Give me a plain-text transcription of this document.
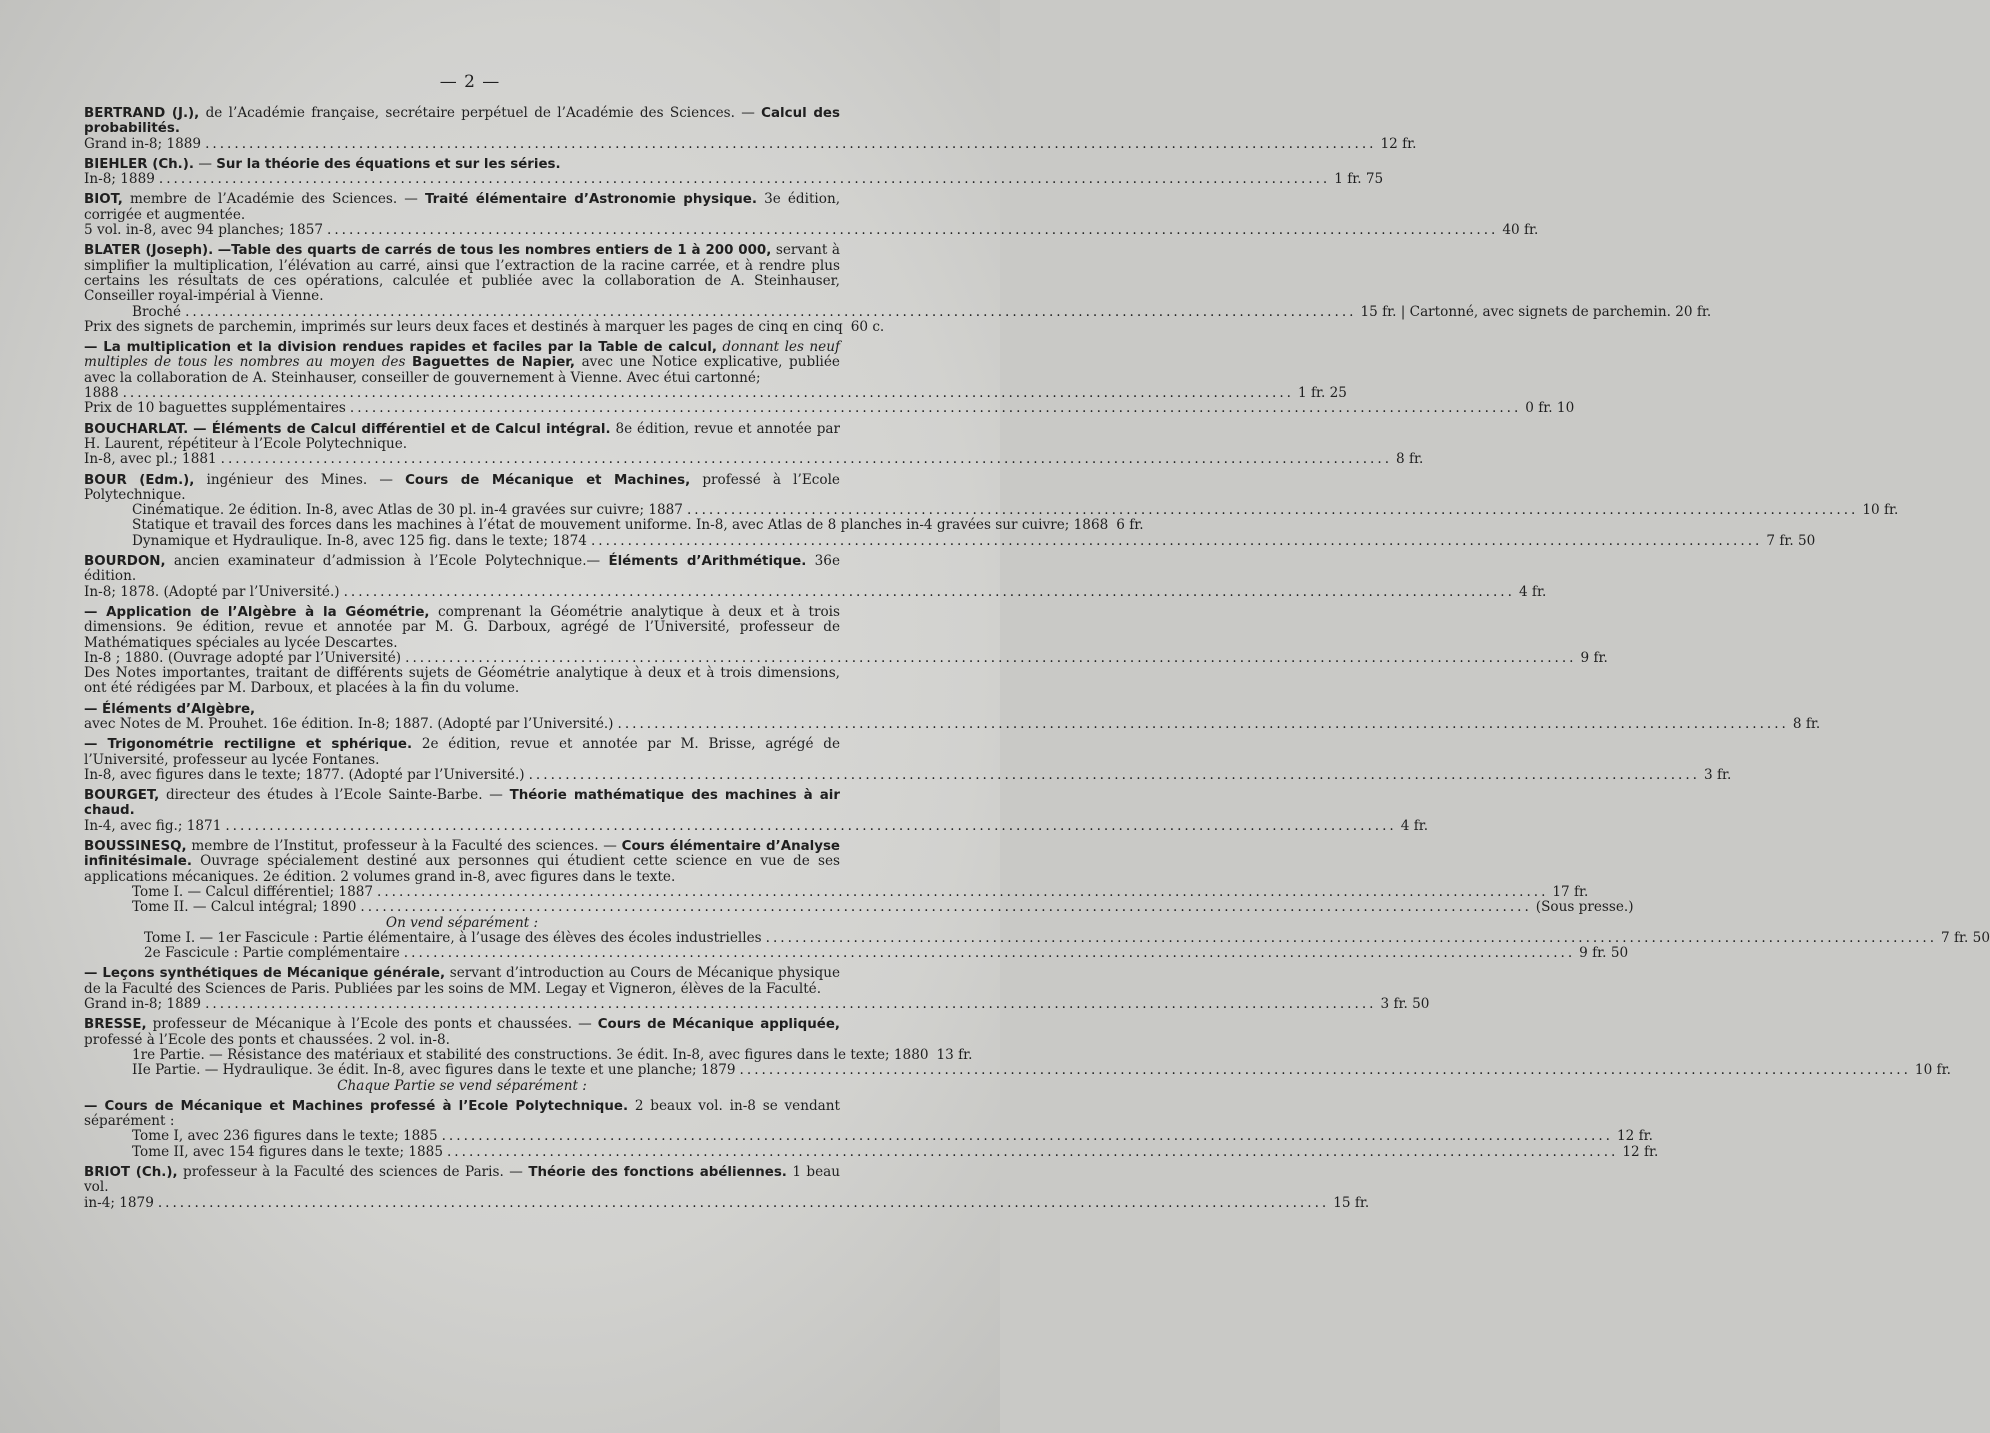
— 2 —

BERTRAND (J.), de l’Académie française, secrétaire perpétuel de l’Académie des Sciences. — Calcul des probabilités.

Grand in-8; 1889 .....	12 fr.

BIEHLER (Ch.). — Sur la théorie des équations et sur les séries.

In-8; 1889 .....	1 fr. 75

BIOT, membre de l’Académie des Sciences. — Traité élémentaire d’Astronomie physique. 3e édition, corrigée et augmentée.

5 vol. in-8, avec 94 planches; 1857 .....	40 fr.

BLATER (Joseph). —Table des quarts de carrés de tous les nombres entiers de 1 à 200 000, servant à simplifier la multiplication, l’élévation au carré, ainsi que l’extraction de la racine carrée, et à rendre plus certains les résultats de ces opérations, calculée et publiée avec la collaboration de A. Steinhauser, Conseiller royal-impérial à Vienne.

Broché .....	15 fr. | Cartonné, avec signets de parchemin. 20 fr.
Prix des signets de parchemin, imprimés sur leurs deux faces et destinés à marquer les pages de cinq en cinq 60 c.

— La multiplication et la division rendues rapides et faciles par la Table de calcul, donnant les neuf multiples de tous les nombres au moyen des Baguettes de Napier, avec une Notice explicative, publiée avec la collaboration de A. Steinhauser, conseiller de gouvernement à Vienne. Avec étui cartonné;

1888 .....	1 fr. 25
Prix de 10 baguettes supplémentaires .....	0 fr. 10

BOUCHARLAT. — Éléments de Calcul différentiel et de Calcul intégral. 8e édition, revue et annotée par H. Laurent, répétiteur à l’Ecole Polytechnique.

In-8, avec pl.; 1881 .....	8 fr.

BOUR (Edm.), ingénieur des Mines. — Cours de Mécanique et Machines, professé à l’Ecole Polytechnique.

Cinématique. 2e édition. In-8, avec Atlas de 30 pl. in-4 gravées sur cuivre; 1887 .....	10 fr.
Statique et travail des forces dans les machines à l’état de mouvement uniforme. In-8, avec Atlas de 8 planches in-4 gravées sur cuivre; 1868 6 fr.
Dynamique et Hydraulique. In-8, avec 125 fig. dans le texte; 1874 .....	7 fr. 50

BOURDON, ancien examinateur d’admission à l’Ecole Polytechnique.— Éléments d’Arithmétique. 36e édition.

In-8; 1878. (Adopté par l’Université.) .....	4 fr.

— Application de l’Algèbre à la Géométrie, comprenant la Géométrie analytique à deux et à trois dimensions. 9e édition, revue et annotée par M. G. Darboux, agrégé de l’Université, professeur de Mathématiques spéciales au lycée Descartes.

In-8 ; 1880. (Ouvrage adopté par l’Université) .....	9 fr.

Des Notes importantes, traitant de différents sujets de Géométrie analytique à deux et à trois dimensions, ont été rédigées par M. Darboux, et placées à la fin du volume.

— Éléments d’Algèbre,

avec Notes de M. Prouhet. 16e édition. In-8; 1887. (Adopté par l’Université.) .....	8 fr.

— Trigonométrie rectiligne et sphérique. 2e édition, revue et annotée par M. Brisse, agrégé de l’Université, professeur au lycée Fontanes.

In-8, avec figures dans le texte; 1877. (Adopté par l’Université.) .....	3 fr.

BOURGET, directeur des études à l’Ecole Sainte-Barbe. — Théorie mathématique des machines à air chaud.

In-4, avec fig.; 1871 .....	4 fr.

BOUSSINESQ, membre de l’Institut, professeur à la Faculté des sciences. — Cours élémentaire d’Analyse infinitésimale. Ouvrage spécialement destiné aux personnes qui étudient cette science en vue de ses applications mécaniques. 2e édition. 2 volumes grand in-8, avec figures dans le texte.

Tome I. — Calcul différentiel; 1887 .....	17 fr.
Tome II. — Calcul intégral; 1890 .....	(Sous presse.)

On vend séparément :

Tome I. — 1er Fascicule : Partie élémentaire, à l’usage des élèves des écoles industrielles .....	7 fr. 50
2e Fascicule : Partie complémentaire .....	9 fr. 50

— Leçons synthétiques de Mécanique générale, servant d’introduction au Cours de Mécanique physique de la Faculté des Sciences de Paris. Publiées par les soins de MM. Legay et Vigneron, élèves de la Faculté.

Grand in-8; 1889 .....	3 fr. 50

BRESSE, professeur de Mécanique à l’Ecole des ponts et chaussées. — Cours de Mécanique appliquée, professé à l’Ecole des ponts et chaussées. 2 vol. in-8.

1re Partie. — Résistance des matériaux et stabilité des constructions. 3e édit. In-8, avec figures dans le texte; 1880 13 fr.
IIe Partie. — Hydraulique. 3e édit. In-8, avec figures dans le texte et une planche; 1879 .....	10 fr.

Chaque Partie se vend séparément :

— Cours de Mécanique et Machines professé à l’Ecole Polytechnique. 2 beaux vol. in-8 se vendant séparément :

Tome I, avec 236 figures dans le texte; 1885 .....	12 fr.
Tome II, avec 154 figures dans le texte; 1885 .....	12 fr.

BRIOT (Ch.), professeur à la Faculté des sciences de Paris. — Théorie des fonctions abéliennes. 1 beau vol.

in-4; 1879 .....	15 fr.
